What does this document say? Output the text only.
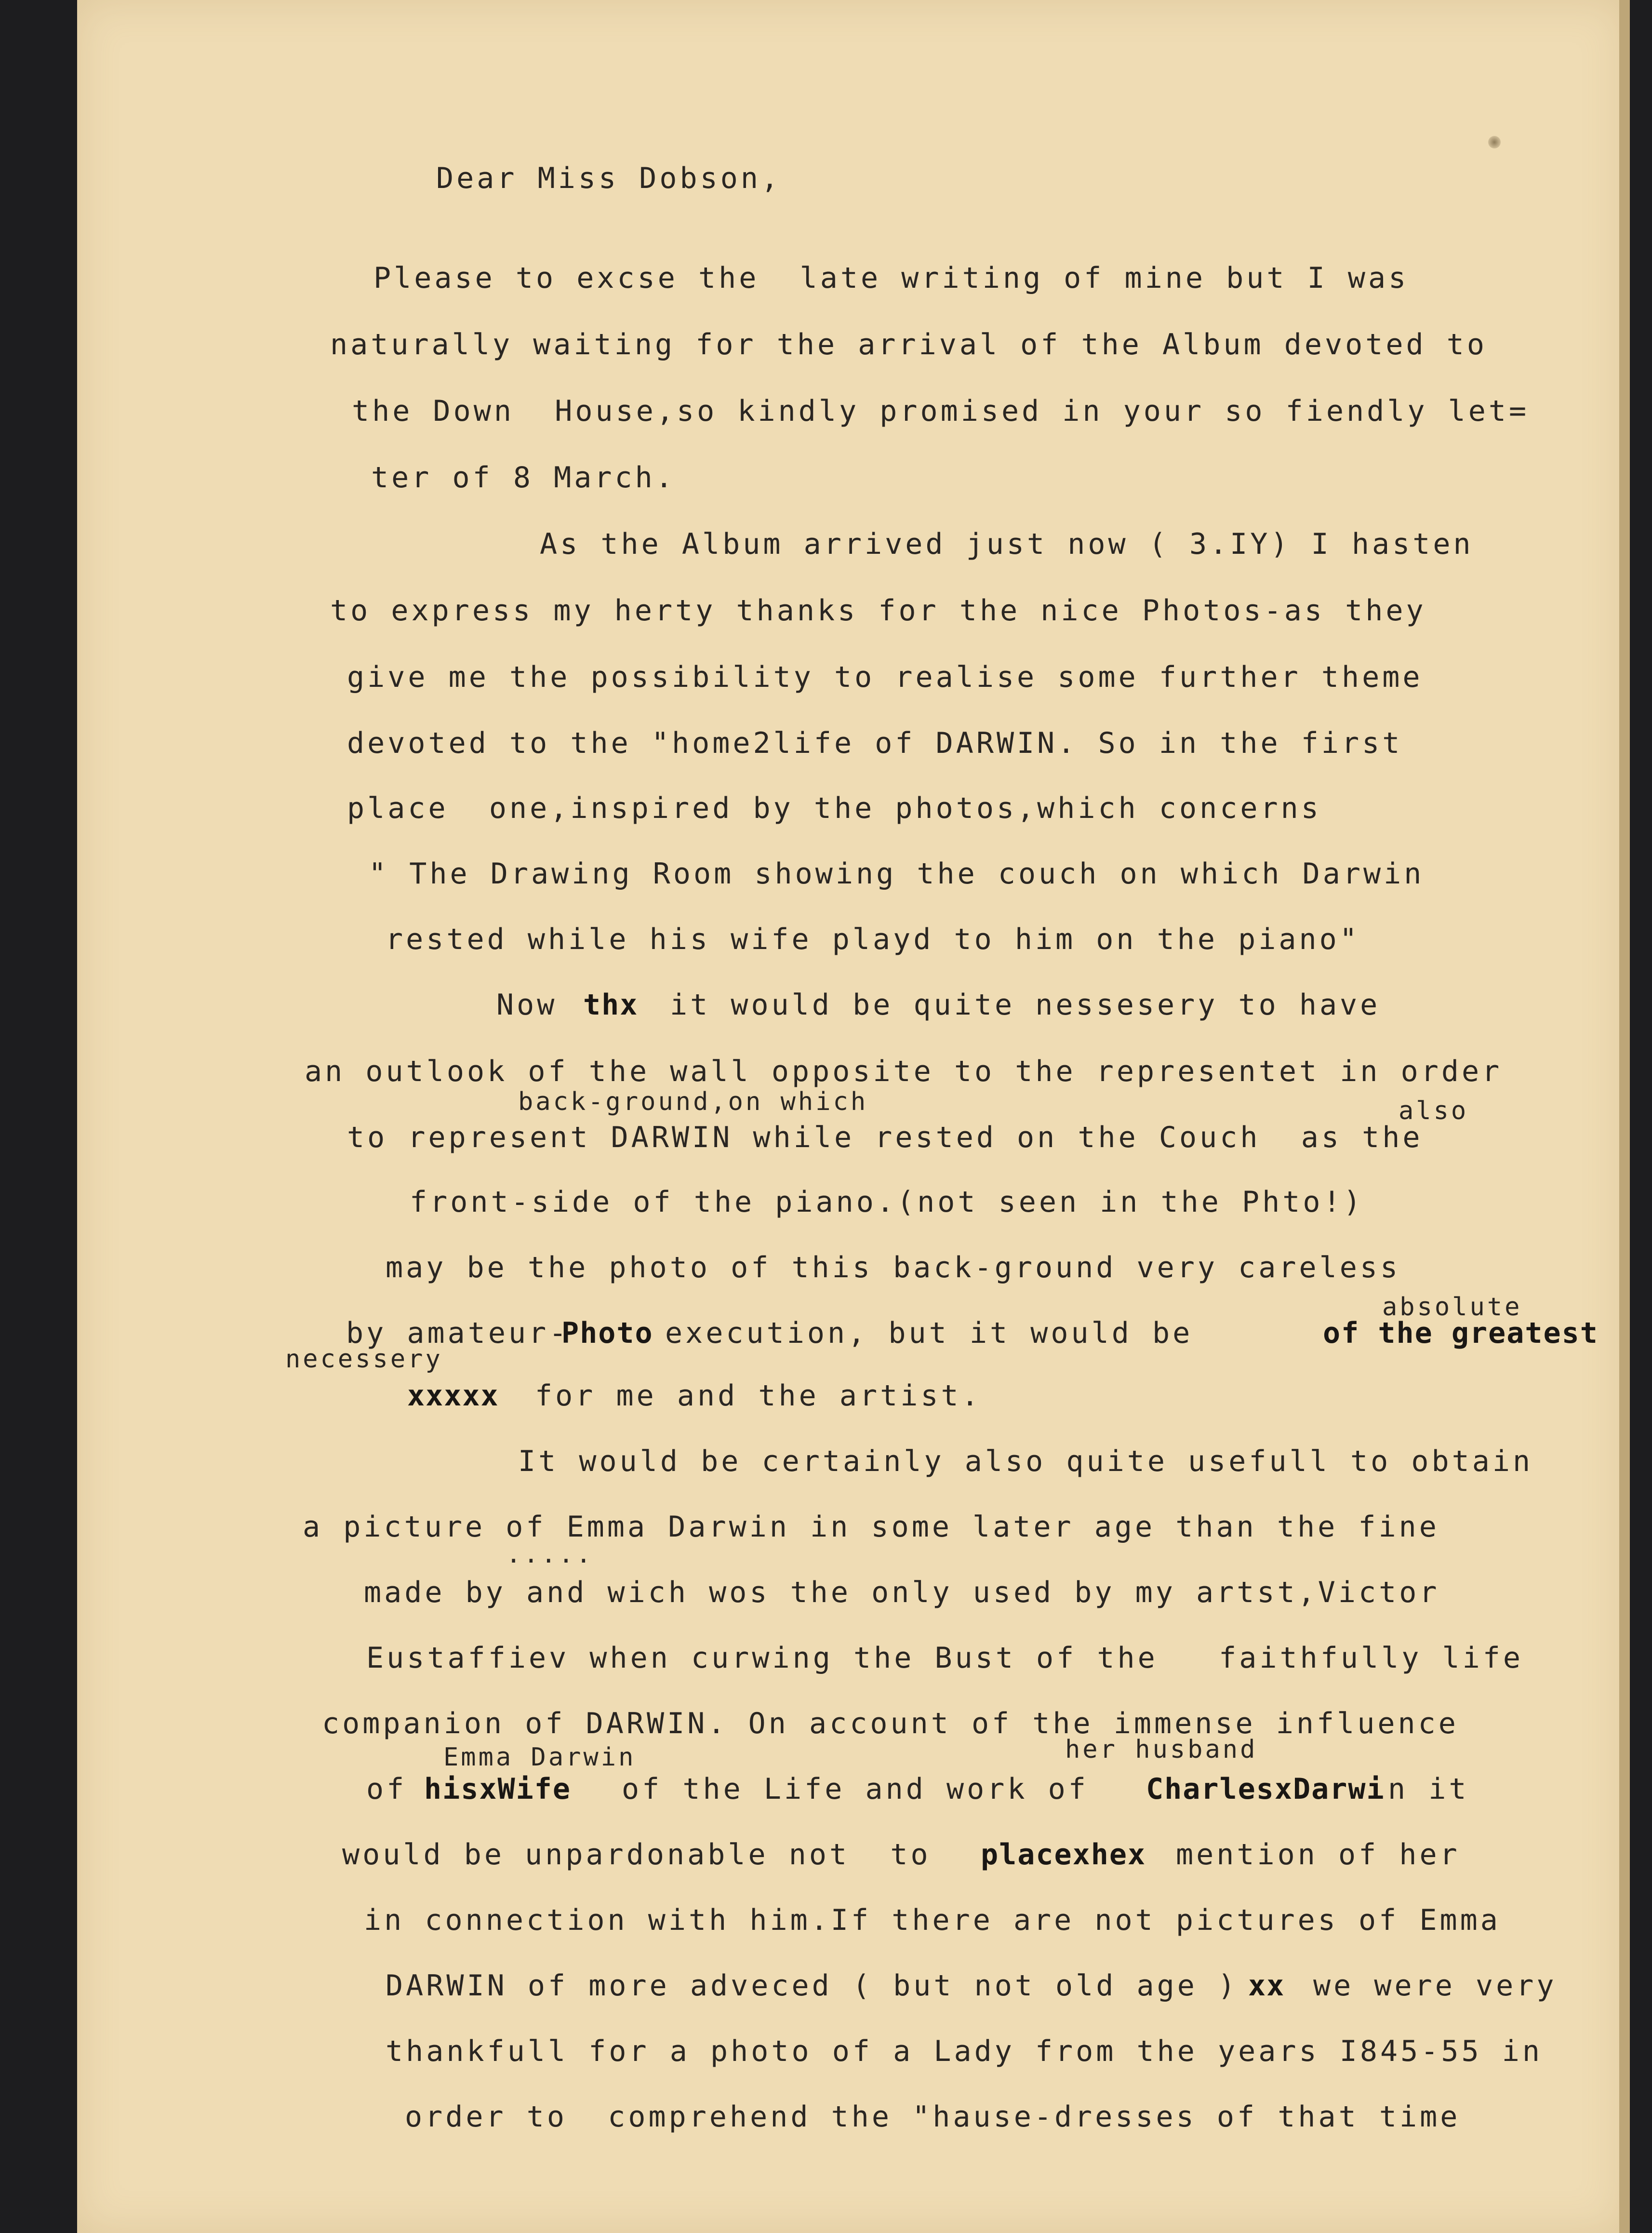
Dear Miss Dobson,
Please to excse the  late writing of mine but I was
naturally waiting for the arrival of the Album devoted to
the Down  House,so kindly promised in your so fiendly let=
ter of 8 March.
As the Album arrived just now ( 3.IY) I hasten
to express my herty thanks for the nice Photos-as they
give me the possibility to realise some further theme
devoted to the "home2life of DARWIN. So in the first
place  one,inspired by the photos,which concerns
" The Drawing Room showing the couch on which Darwin
rested while his wife playd to him on the piano"
Now thx it would be quite nessesery to have
an outlook of the wall opposite to the representet in order
back-ground,on which	also
to represent DARWIN while rested on the Couch  as the
front-side of the piano.(not seen in the Phto!)
may be the photo of this back-ground very careless
absolute
by amateur-
Photo execution, but it would be	of the greatest
necessery
xxxxx for me and the artist.
It would be certainly also quite usefull to obtain
a picture of Emma Darwin in some later age than the fine
.....
made by and wich wos the only used by my artst,Victor
Eustaffiev when curwing the Bust of the   faithfully life
companion of DARWIN. On account of the immense influence
Emma Darwin	her husband
of hisxWife of the Life and work of CharlesxDarwi n it
would be unpardonable not  to placexhex mention of her
in connection with him.If there are not pictures of Emma
DARWIN of more adveced ( but not old age ) xx we were very
thankfull for a photo of a Lady from the years I845-55 in
order to  comprehend the "hause-dresses of that time
